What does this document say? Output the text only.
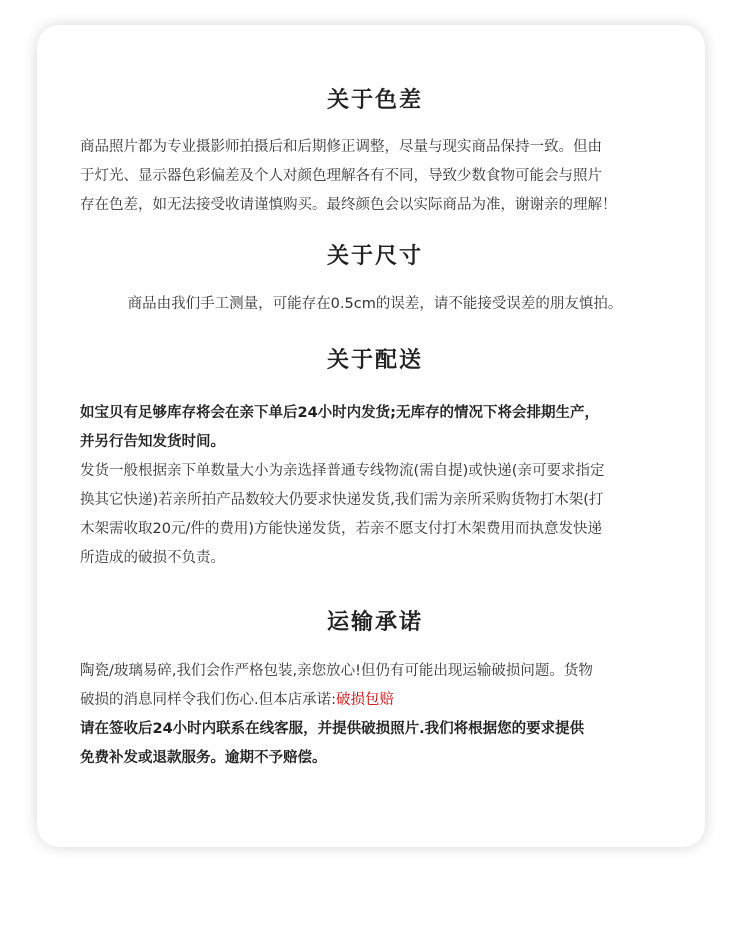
关于色差

商品照片都为专业摄影师拍摄后和后期修正调整，尽量与现实商品保持一致。但由

于灯光、显示器色彩偏差及个人对颜色理解各有不同，导致少数食物可能会与照片

存在色差，如无法接受收请谨慎购买。最终颜色会以实际商品为准，谢谢亲的理解！

关于尺寸

商品由我们手工测量，可能存在0.5cm的误差，请不能接受误差的朋友慎拍。

关于配送

如宝贝有足够库存将会在亲下单后24小时内发货;无库存的情况下将会排期生产，

并另行告知发货时间。

发货一般根据亲下单数量大小为亲选择普通专线物流(需自提)或快递(亲可要求指定

换其它快递)若亲所拍产品数较大仍要求快递发货,我们需为亲所采购货物打木架(打

木架需收取20元/件的费用)方能快递发货，若亲不愿支付打木架费用而执意发快递

所造成的破损不负责。

运输承诺

陶瓷/玻璃易碎,我们会作严格包装,亲您放心!但仍有可能出现运输破损问题。货物

破损的消息同样令我们伤心.但本店承诺:破损包赔

请在签收后24小时内联系在线客服，并提供破损照片.我们将根据您的要求提供

免费补发或退款服务。逾期不予赔偿。
